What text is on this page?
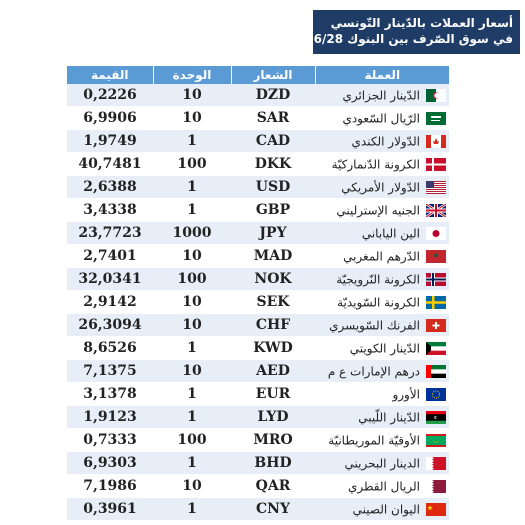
أسعار العملات بالدّينار التّونسي
في سوق الصّرف بين البنوك 2018/06/28
القيمة	الوحدة	الشعار	العملة
0,2226	10	DZD	الدّينار الجزائري
6,9906	10	SAR	الرّيال السّعودي
1,9749	1	CAD	الدّولار الكندي
40,7481	100	DKK	الكرونة الدّنماركيّة
2,6388	1	USD	الدّولار الأمريكي
3,4338	1	GBP	الجنيه الإسترليني
23,7723	1000	JPY	الين الياباني
2,7401	10	MAD	الدّرهم المغربي
32,0341	100	NOK	الكرونة النّرويجيّة
2,9142	10	SEK	الكرونة السّويديّة
26,3094	10	CHF	الفرنك السّويسري
8,6526	1	KWD	الدّينار الكويتي
7,1375	10	AED	درهم الإمارات ع م
3,1378	1	EUR	الأورو
1,9123	1	LYD	الدّينار اللّيبي
0,7333	100	MRO	الأوقيّة الموريطانيّة
6,9303	1	BHD	الدينار البحريني
7,1986	10	QAR	الريال القطري
0,3961	1	CNY	اليوان الصيني
